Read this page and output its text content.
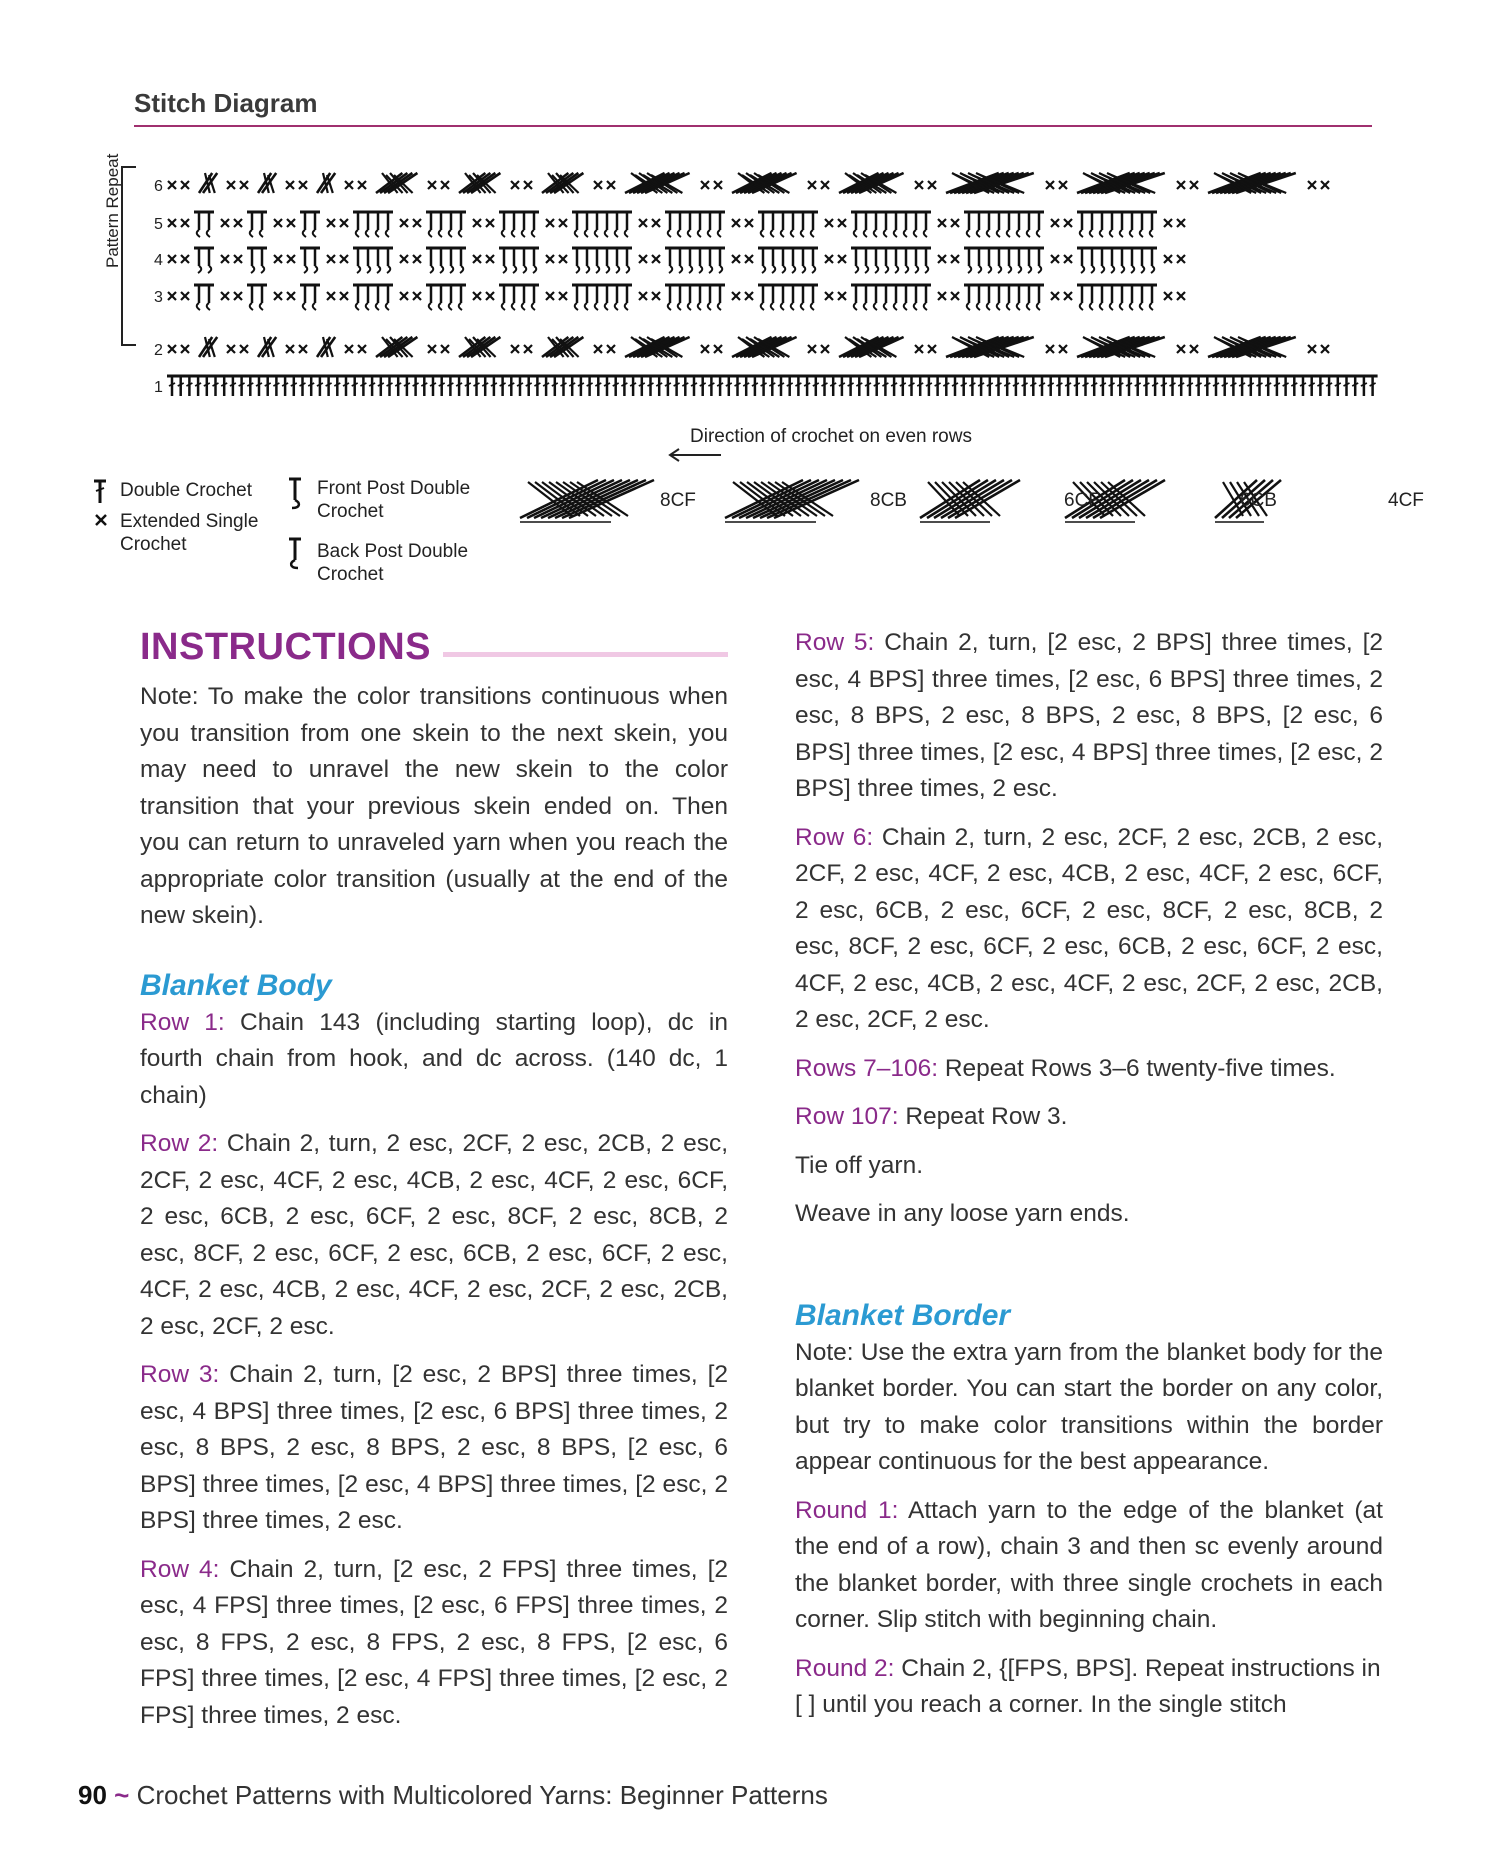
Stitch Diagram
Pattern Repeat 6
5
4
3
2
1
Direction of crochet on even rows
Double Crochet
Extended Single
Crochet
Front Post Double
Crochet
Back Post Double
Crochet
8CF	8CB	6CF	6CB	4CF
INSTRUCTIONS

Note: To make the color transitions continuous when you transition from one skein to the next skein, you may need to unravel the new skein to the color transition that your previous skein ended on. Then you can return to unraveled yarn when you reach the appropriate color transition (usually at the end of the new skein).

Blanket Body

Row 1: Chain 143 (including starting loop), dc in fourth chain from hook, and dc across. (140 dc, 1 chain)

Row 2: Chain 2, turn, 2 esc, 2CF, 2 esc, 2CB, 2 esc, 2CF, 2 esc, 4CF, 2 esc, 4CB, 2 esc, 4CF, 2 esc, 6CF, 2 esc, 6CB, 2 esc, 6CF, 2 esc, 8CF, 2 esc, 8CB, 2 esc, 8CF, 2 esc, 6CF, 2 esc, 6CB, 2 esc, 6CF, 2 esc, 4CF, 2 esc, 4CB, 2 esc, 4CF, 2 esc, 2CF, 2 esc, 2CB, 2 esc, 2CF, 2 esc.

Row 3: Chain 2, turn, [2 esc, 2 BPS] three times, [2 esc, 4 BPS] three times, [2 esc, 6 BPS] three times, 2 esc, 8 BPS, 2 esc, 8 BPS, 2 esc, 8 BPS, [2 esc, 6 BPS] three times, [2 esc, 4 BPS] three times, [2 esc, 2 BPS] three times, 2 esc.

Row 4: Chain 2, turn, [2 esc, 2 FPS] three times, [2 esc, 4 FPS] three times, [2 esc, 6 FPS] three times, 2 esc, 8 FPS, 2 esc, 8 FPS, 2 esc, 8 FPS, [2 esc, 6 FPS] three times, [2 esc, 4 FPS] three times, [2 esc, 2 FPS] three times, 2 esc.

Row 5: Chain 2, turn, [2 esc, 2 BPS] three times, [2 esc, 4 BPS] three times, [2 esc, 6 BPS] three times, 2 esc, 8 BPS, 2 esc, 8 BPS, 2 esc, 8 BPS, [2 esc, 6 BPS] three times, [2 esc, 4 BPS] three times, [2 esc, 2 BPS] three times, 2 esc.

Row 6: Chain 2, turn, 2 esc, 2CF, 2 esc, 2CB, 2 esc, 2CF, 2 esc, 4CF, 2 esc, 4CB, 2 esc, 4CF, 2 esc, 6CF, 2 esc, 6CB, 2 esc, 6CF, 2 esc, 8CF, 2 esc, 8CB, 2 esc, 8CF, 2 esc, 6CF, 2 esc, 6CB, 2 esc, 6CF, 2 esc, 4CF, 2 esc, 4CB, 2 esc, 4CF, 2 esc, 2CF, 2 esc, 2CB, 2 esc, 2CF, 2 esc.

Rows 7–106: Repeat Rows 3–6 twenty-five times.

Row 107: Repeat Row 3.

Tie off yarn.

Weave in any loose yarn ends.

Blanket Border

Note: Use the extra yarn from the blanket body for the blanket border. You can start the border on any color, but try to make color transitions within the border appear continuous for the best appearance.

Round 1: Attach yarn to the edge of the blanket (at the end of a row), chain 3 and then sc evenly around the blanket border, with three single crochets in each corner. Slip stitch with beginning chain.

Round 2: Chain 2, {[FPS, BPS]. Repeat instructions in [ ] until you reach a corner. In the single stitch

90 ~ Crochet Patterns with Multicolored Yarns: Beginner Patterns
